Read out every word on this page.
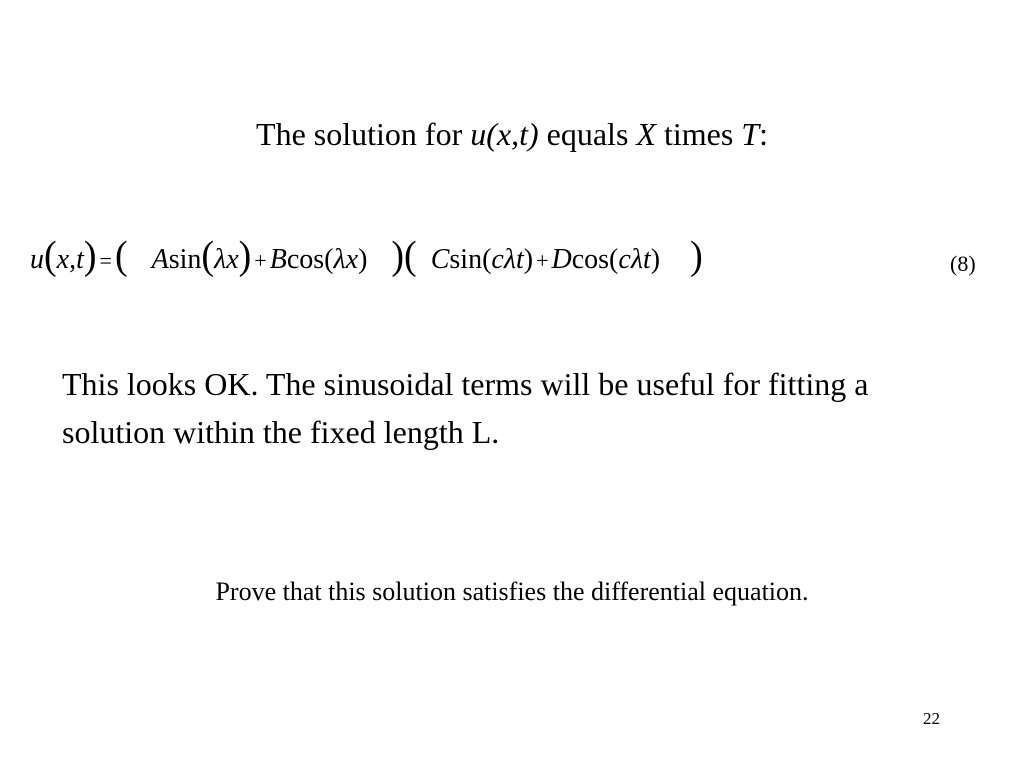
The solution for u(x,t) equals X times T:
u(x,t) =( Asin(λx) + Bcos(λx) )( Csin(cλt) + Dcos(cλt) )	(8)
This looks OK. The sinusoidal terms will be useful for fitting a solution within the fixed length L.
Prove that this solution satisfies the differential equation.
22
